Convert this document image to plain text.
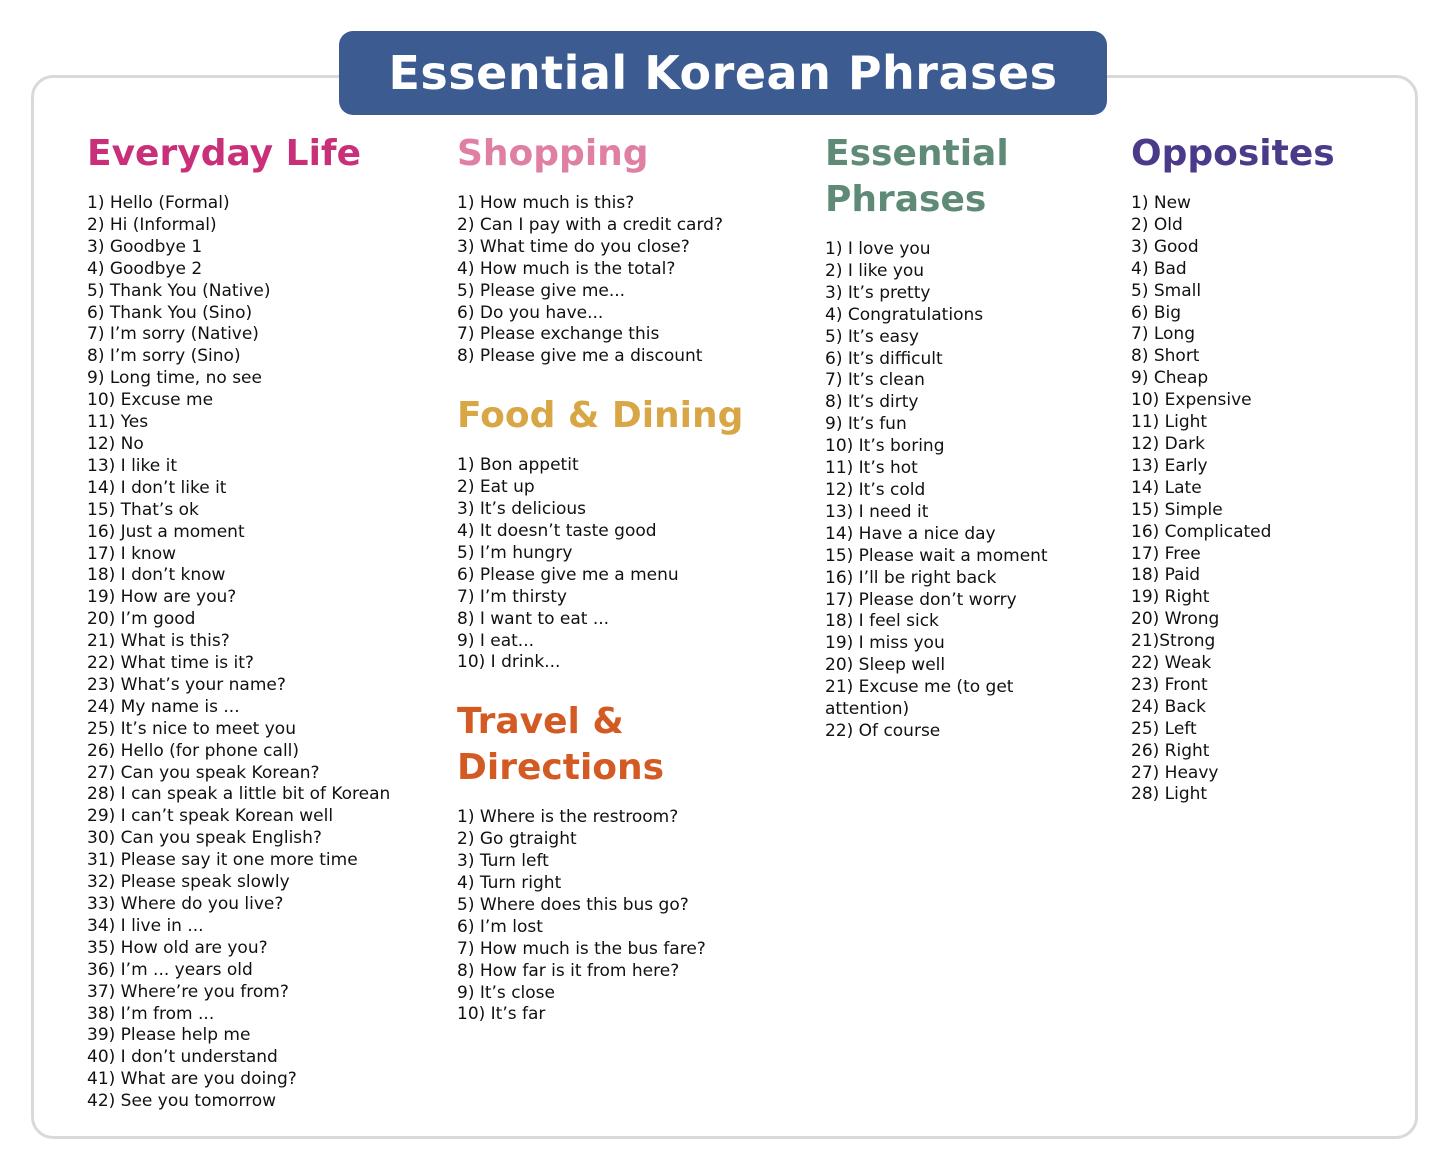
Essential Korean Phrases
Everyday Life
1) Hello (Formal)
2) Hi (Informal)
3) Goodbye 1
4) Goodbye 2
5) Thank You (Native)
6) Thank You (Sino)
7) I’m sorry (Native)
8) I’m sorry (Sino)
9) Long time, no see
10) Excuse me
11) Yes
12) No
13) I like it
14) I don’t like it
15) That’s ok
16) Just a moment
17) I know
18) I don’t know
19) How are you?
20) I’m good
21) What is this?
22) What time is it?
23) What’s your name?
24) My name is ...
25) It’s nice to meet you
26) Hello (for phone call)
27) Can you speak Korean?
28) I can speak a little bit of Korean
29) I can’t speak Korean well
30) Can you speak English?
31) Please say it one more time
32) Please speak slowly
33) Where do you live?
34) I live in ...
35) How old are you?
36) I’m ... years old
37) Where’re you from?
38) I’m from ...
39) Please help me
40) I don’t understand
41) What are you doing?
42) See you tomorrow
Shopping
1) How much is this?
2) Can I pay with a credit card?
3) What time do you close?
4) How much is the total?
5) Please give me...
6) Do you have...
7) Please exchange this
8) Please give me a discount
Food & Dining
1) Bon appetit
2) Eat up
3) It’s delicious
4) It doesn’t taste good
5) I’m hungry
6) Please give me a menu
7) I’m thirsty
8) I want to eat ...
9) I eat...
10) I drink...
Travel &
Directions
1) Where is the restroom?
2) Go gtraight
3) Turn left
4) Turn right
5) Where does this bus go?
6) I’m lost
7) How much is the bus fare?
8) How far is it from here?
9) It’s close
10) It’s far
Essential
Phrases
1) I love you
2) I like you
3) It’s pretty
4) Congratulations
5) It’s easy
6) It’s difficult
7) It’s clean
8) It’s dirty
9) It’s fun
10) It’s boring
11) It’s hot
12) It’s cold
13) I need it
14) Have a nice day
15) Please wait a moment
16) I’ll be right back
17) Please don’t worry
18) I feel sick
19) I miss you
20) Sleep well
21) Excuse me (to get
attention)
22) Of course
Opposites
1) New
2) Old
3) Good
4) Bad
5) Small
6) Big
7) Long
8) Short
9) Cheap
10) Expensive
11) Light
12) Dark
13) Early
14) Late
15) Simple
16) Complicated
17) Free
18) Paid
19) Right
20) Wrong
21)Strong
22) Weak
23) Front
24) Back
25) Left
26) Right
27) Heavy
28) Light
